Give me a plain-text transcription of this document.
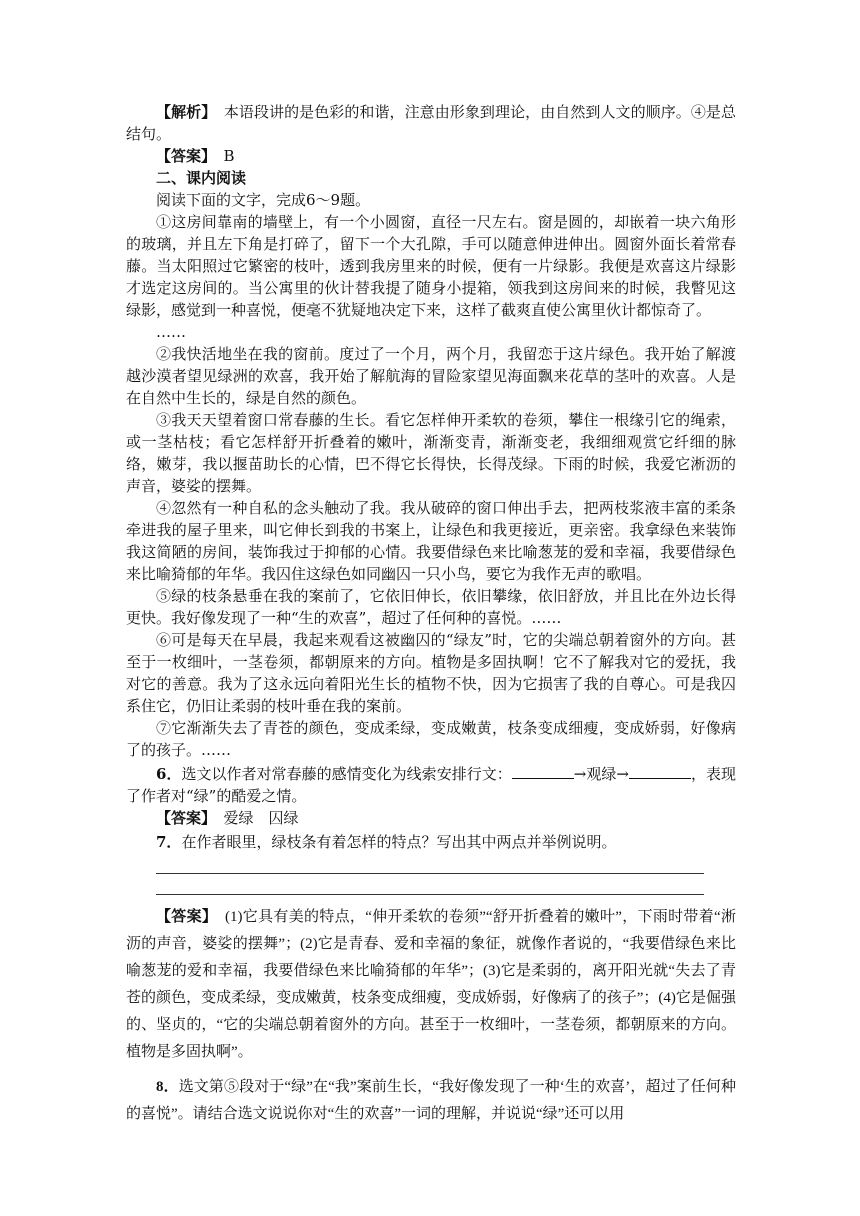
【解析】　本语段讲的是色彩的和谐，注意由形象到理论，由自然到人文的顺序。④是总结句。

【答案】　B

二、课内阅读

阅读下面的文字，完成6～9题。

①这房间靠南的墙壁上，有一个小圆窗，直径一尺左右。窗是圆的，却嵌着一块六角形的玻璃，并且左下角是打碎了，留下一个大孔隙，手可以随意伸进伸出。圆窗外面长着常春藤。当太阳照过它繁密的枝叶，透到我房里来的时候，便有一片绿影。我便是欢喜这片绿影才选定这房间的。当公寓里的伙计替我提了随身小提箱，领我到这房间来的时候，我瞥见这绿影，感觉到一种喜悦，便毫不犹疑地决定下来，这样了截爽直使公寓里伙计都惊奇了。

……

②我快活地坐在我的窗前。度过了一个月，两个月，我留恋于这片绿色。我开始了解渡越沙漠者望见绿洲的欢喜，我开始了解航海的冒险家望见海面飘来花草的茎叶的欢喜。人是在自然中生长的，绿是自然的颜色。

③我天天望着窗口常春藤的生长。看它怎样伸开柔软的卷须，攀住一根缘引它的绳索，或一茎枯枝；看它怎样舒开折叠着的嫩叶，渐渐变青，渐渐变老，我细细观赏它纤细的脉络，嫩芽，我以揠苗助长的心情，巴不得它长得快，长得茂绿。下雨的时候，我爱它淅沥的声音，婆娑的摆舞。

④忽然有一种自私的念头触动了我。我从破碎的窗口伸出手去，把两枝浆液丰富的柔条牵进我的屋子里来，叫它伸长到我的书案上，让绿色和我更接近，更亲密。我拿绿色来装饰我这简陋的房间，装饰我过于抑郁的心情。我要借绿色来比喻葱茏的爱和幸福，我要借绿色来比喻猗郁的年华。我囚住这绿色如同幽囚一只小鸟，要它为我作无声的歌唱。

⑤绿的枝条悬垂在我的案前了，它依旧伸长，依旧攀缘，依旧舒放，并且比在外边长得更快。我好像发现了一种“生的欢喜”，超过了任何种的喜悦。……

⑥可是每天在早晨，我起来观看这被幽囚的“绿友”时，它的尖端总朝着窗外的方向。甚至于一枚细叶，一茎卷须，都朝原来的方向。植物是多固执啊！它不了解我对它的爱抚，我对它的善意。我为了这永远向着阳光生长的植物不快，因为它损害了我的自尊心。可是我囚系住它，仍旧让柔弱的枝叶垂在我的案前。

⑦它渐渐失去了青苍的颜色，变成柔绿，变成嫩黄，枝条变成细瘦，变成娇弱，好像病了的孩子。……

6．选文以作者对常春藤的感情变化为线索安排行文：	→观绿→	，表现了作者对“绿”的酷爱之情。

【答案】　爱绿　囚绿

7．在作者眼里，绿枝条有着怎样的特点？写出其中两点并举例说明。

【答案】　(1)它具有美的特点，“伸开柔软的卷须”“舒开折叠着的嫩叶”，下雨时带着“淅沥的声音，婆娑的摆舞”；(2)它是青春、爱和幸福的象征，就像作者说的，“我要借绿色来比喻葱茏的爱和幸福，我要借绿色来比喻猗郁的年华”；(3)它是柔弱的，离开阳光就“失去了青苍的颜色，变成柔绿，变成嫩黄，枝条变成细瘦，变成娇弱，好像病了的孩子”；(4)它是倔强的、坚贞的，“它的尖端总朝着窗外的方向。甚至于一枚细叶，一茎卷须，都朝原来的方向。植物是多固执啊”。

8．选文第⑤段对于“绿”在“我”案前生长，“我好像发现了一种‘生的欢喜’，超过了任何种的喜悦”。请结合选文说说你对“生的欢喜”一词的理解，并说说“绿”还可以用
